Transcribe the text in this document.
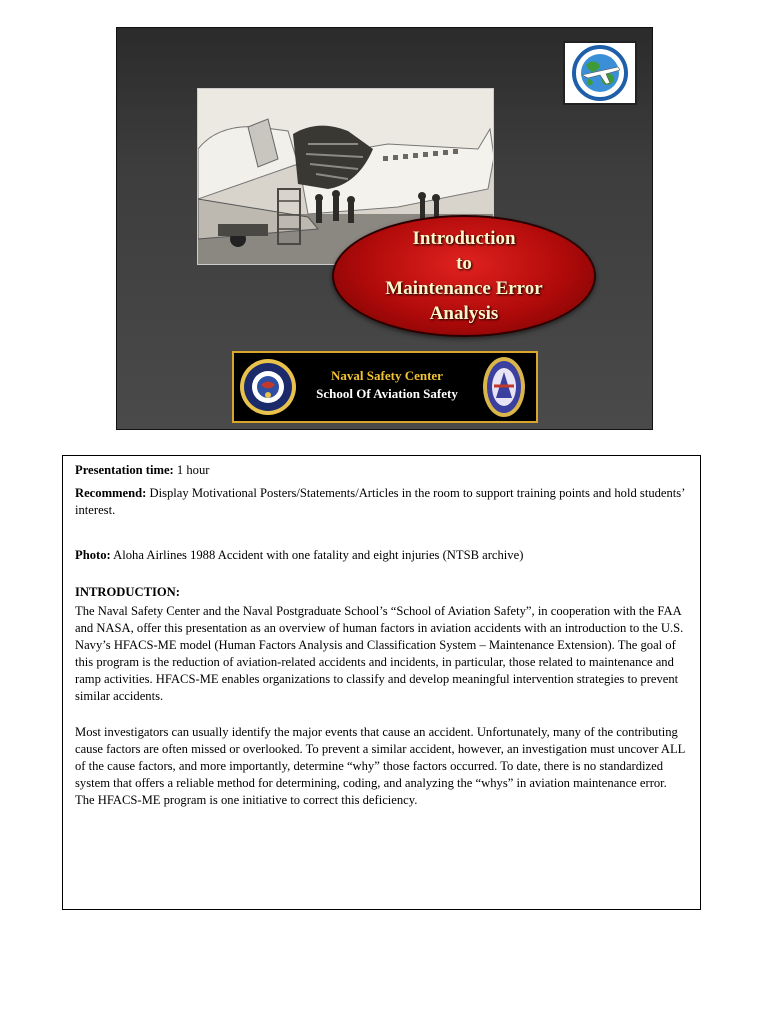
Introduction
to
Maintenance Error
Analysis
Naval Safety Center
School Of Aviation Safety

Presentation time: 1 hour

Recommend: Display Motivational Posters/Statements/Articles in the room to support training points and hold students’ interest.

Photo: Aloha Airlines 1988 Accident with one fatality and eight injuries (NTSB archive)

INTRODUCTION:

The Naval Safety Center and the Naval Postgraduate School’s “School of Aviation Safety”, in cooperation with the FAA and NASA, offer this presentation as an overview of human factors in aviation accidents with an introduction to the U.S. Navy’s HFACS-ME model (Human Factors Analysis and Classification System – Maintenance Extension). The goal of this program is the reduction of aviation-related accidents and incidents, in particular, those related to maintenance and ramp activities. HFACS-ME enables organizations to classify and develop meaningful intervention strategies to prevent similar accidents.

Most investigators can usually identify the major events that cause an accident. Unfortunately, many of the contributing cause factors are often missed or overlooked. To prevent a similar accident, however, an investigation must uncover ALL of the cause factors, and more importantly, determine “why” those factors occurred. To date, there is no standardized system that offers a reliable method for determining, coding, and analyzing the “whys” in aviation maintenance error. The HFACS-ME program is one initiative to correct this deficiency.
